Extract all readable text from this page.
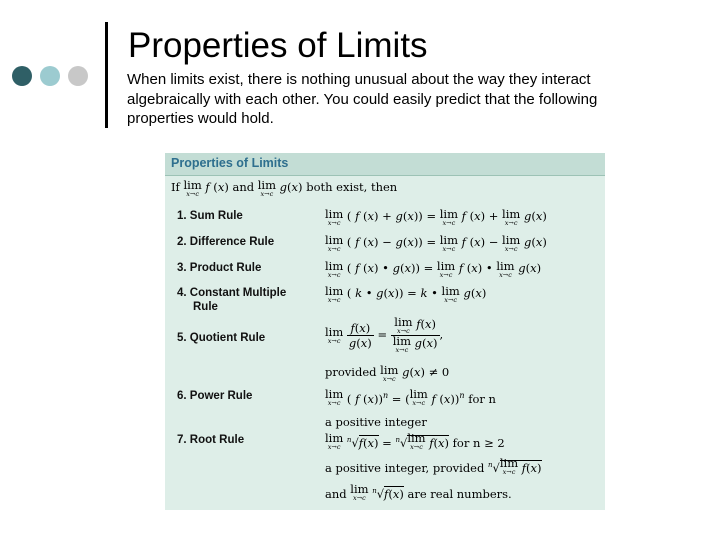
Properties of Limits
When limits exist, there is nothing unusual about the way they interact
algebraically with each other. You could easily predict that the following
properties would hold.
Properties of Limits
If lim
x→c f (x) and lim
x→c g(x) both exist, then
1. Sum Rule	lim
x→c ( f (x) + g(x)) = lim
x→c f (x) + lim
x→c g(x)
2. Difference Rule	lim
x→c ( f (x) − g(x)) = lim
x→c f (x) − lim
x→c g(x)
3. Product Rule	lim
x→c ( f (x) • g(x)) = lim
x→c f (x) • lim
x→c g(x)
4. Constant Multiple
Rule
lim
x→c ( k • g(x)) = k • lim
x→c g(x)
5. Quotient Rule	lim
x→c
$\frac{f(x)}{g(x)} = \lim$
x→c f(x)
lim
x→c g(x) ,
provided lim
x→c g(x) ≠ 0
6. Power Rule	lim
x→c ( f (x))$^n$ = (lim
x→c f (x))$^n$ for n
a positive integer
7. Root Rule	lim
x→c
$^n$√f(x) = $^n$√lim
x→c f(x) for n ≥ 2
a positive integer, provided $^n$√lim
x→c f(x)
and lim
x→c
$^n$√f(x) are real numbers.
